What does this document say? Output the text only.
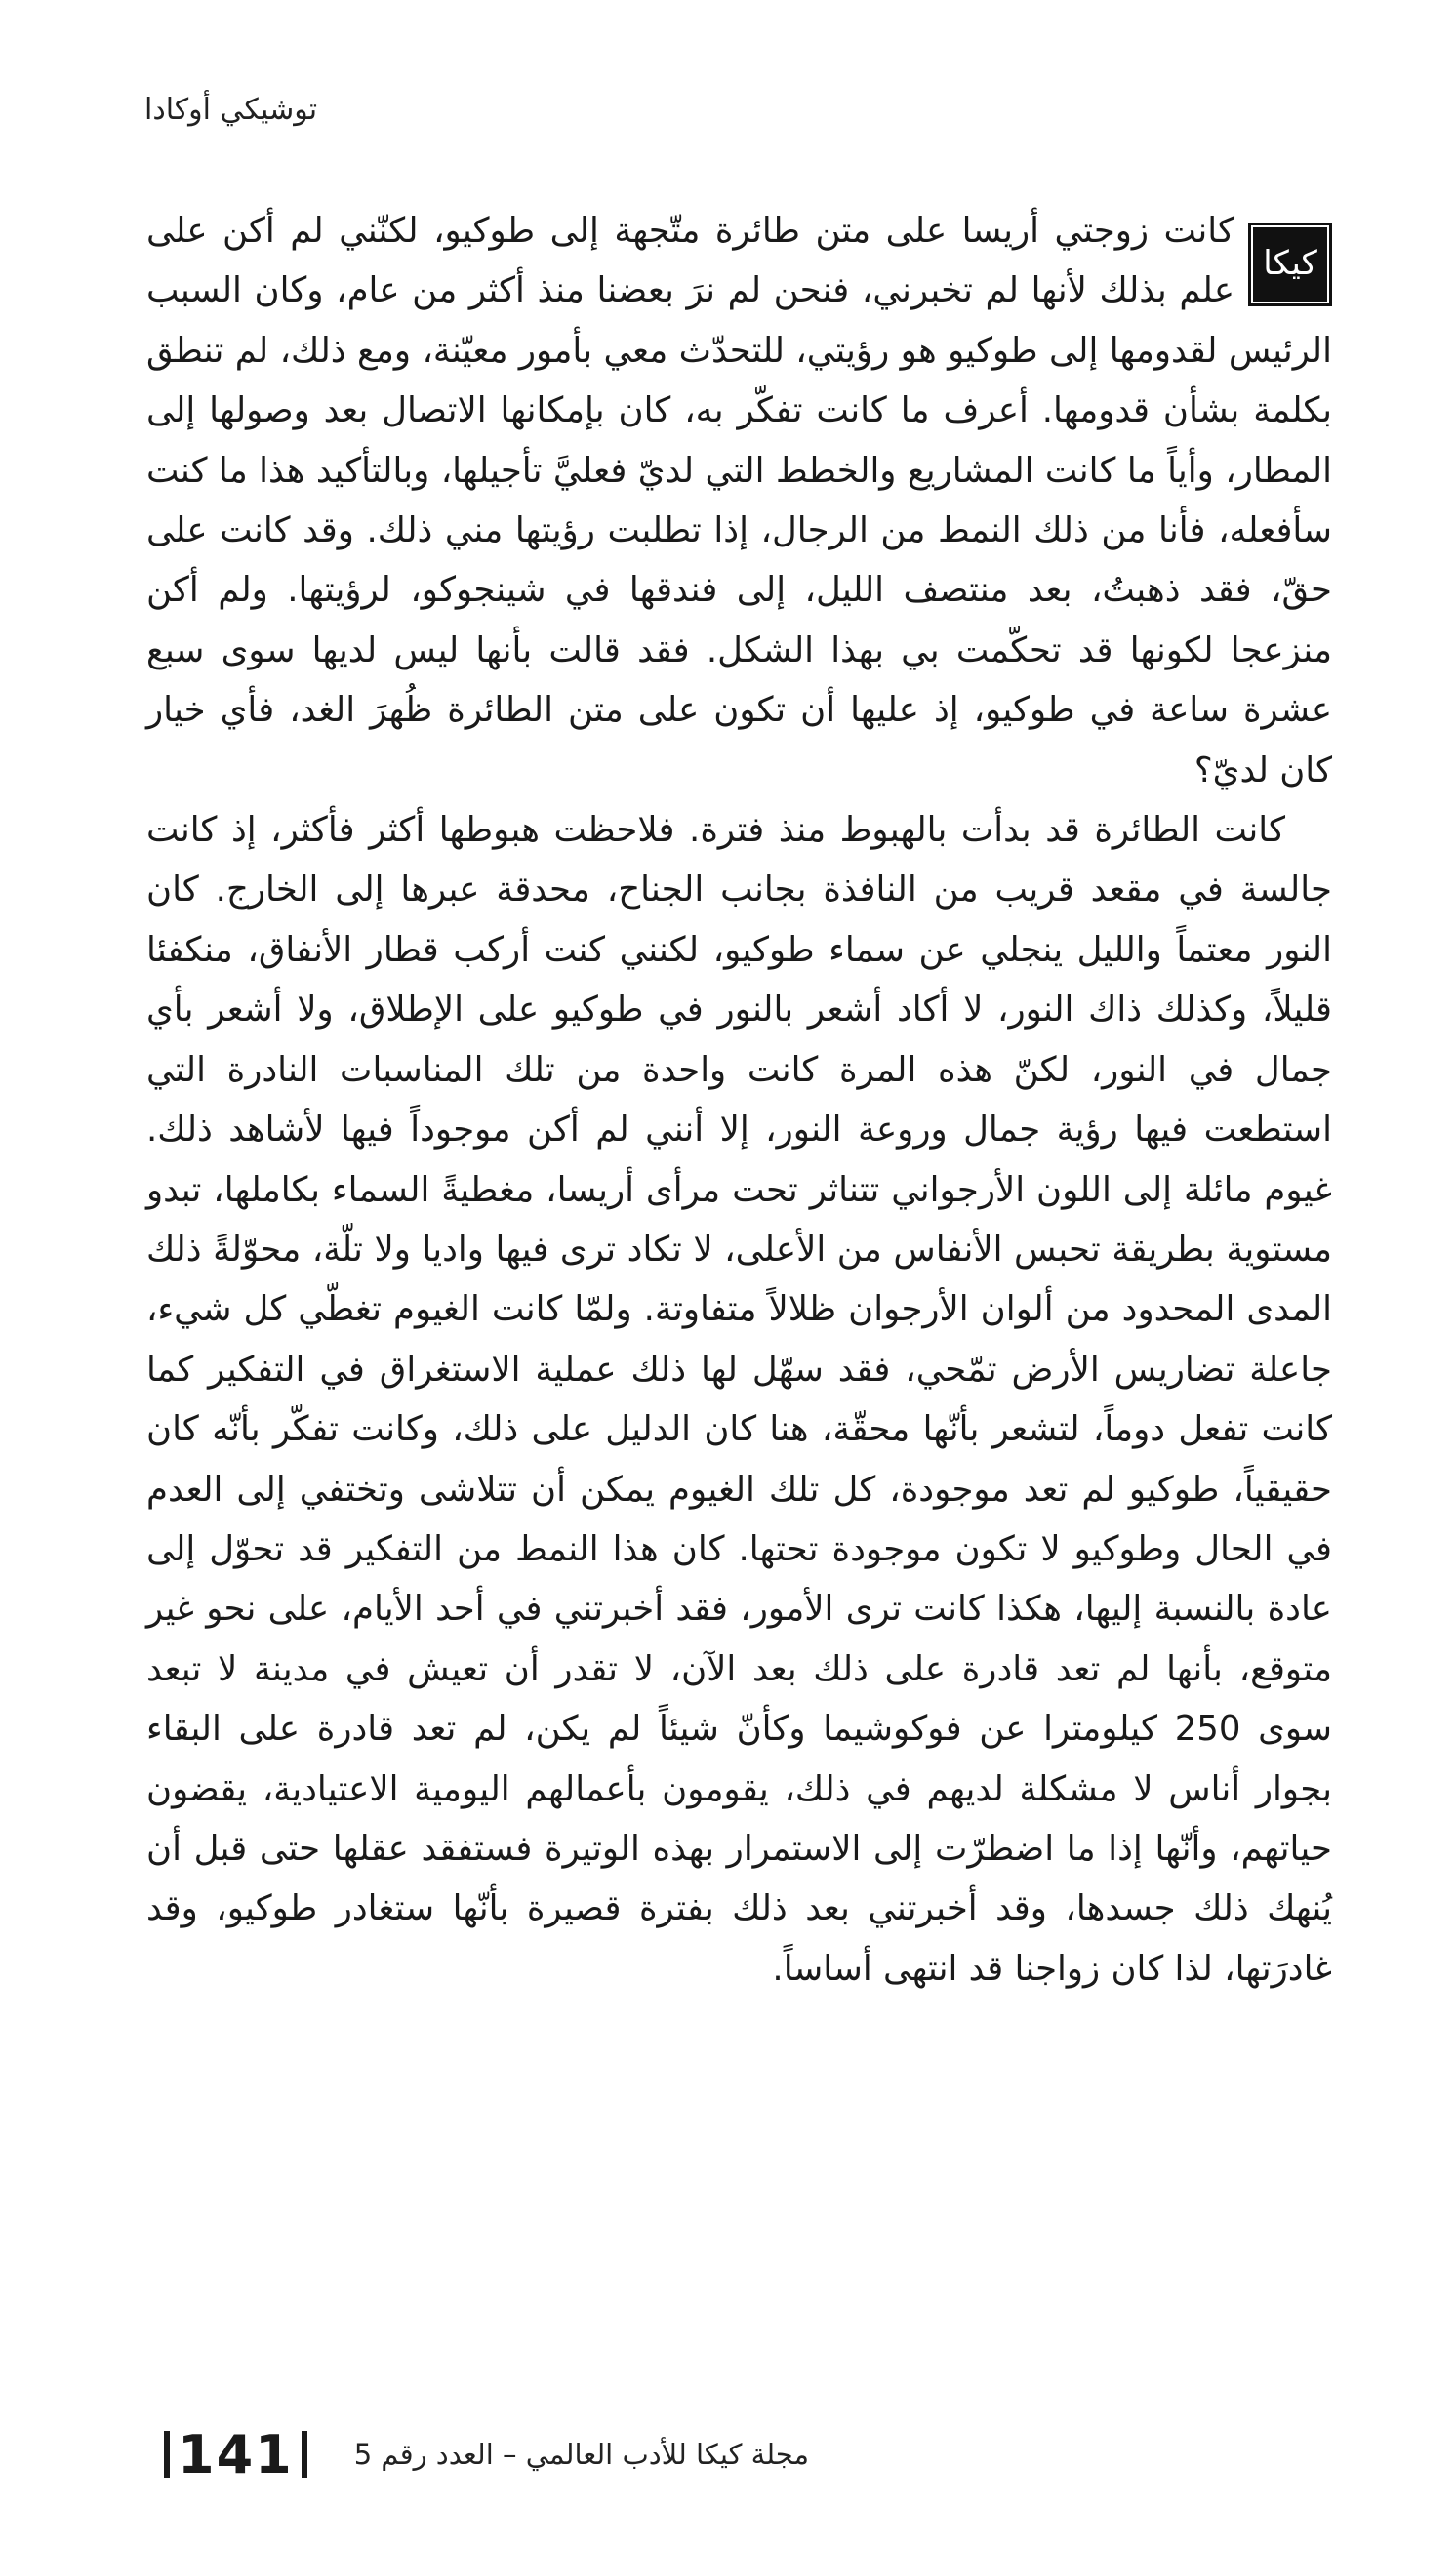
توشيكي أوكادا
كيكا

كانت زوجتي أريسا على متن طائرة متّجهة إلى طوكيو، لكنّني لم أكن على علم بذلك لأنها لم تخبرني، فنحن لم نرَ بعضنا منذ أكثر من عام، وكان السبب الرئيس لقدومها إلى طوكيو هو رؤيتي، للتحدّث معي بأمور معيّنة، ومع ذلك، لم تنطق بكلمة بشأن قدومها. أعرف ما كانت تفكّر به، كان بإمكانها الاتصال بعد وصولها إلى المطار، وأياً ما كانت المشاريع والخطط التي لديّ فعليَّ تأجيلها، وبالتأكيد هذا ما كنت سأفعله، فأنا من ذلك النمط من الرجال، إذا تطلبت رؤيتها مني ذلك. وقد كانت على حقّ، فقد ذهبتُ، بعد منتصف الليل، إلى فندقها في شينجوكو، لرؤيتها. ولم أكن منزعجا لكونها قد تحكّمت بي بهذا الشكل. فقد قالت بأنها ليس لديها سوى سبع عشرة ساعة في طوكيو، إذ عليها أن تكون على متن الطائرة ظُهرَ الغد، فأي خيار كان لديّ؟

كانت الطائرة قد بدأت بالهبوط منذ فترة. فلاحظت هبوطها أكثر فأكثر، إذ كانت جالسة في مقعد قريب من النافذة بجانب الجناح، محدقة عبرها إلى الخارج. كان النور معتماً والليل ينجلي عن سماء طوكيو، لكنني كنت أركب قطار الأنفاق، منكفئا قليلاً، وكذلك ذاك النور، لا أكاد أشعر بالنور في طوكيو على الإطلاق، ولا أشعر بأي جمال في النور، لكنّ هذه المرة كانت واحدة من تلك المناسبات النادرة التي استطعت فيها رؤية جمال وروعة النور، إلا أنني لم أكن موجوداً فيها لأشاهد ذلك. غيوم مائلة إلى اللون الأرجواني تتناثر تحت مرأى أريسا، مغطيةً السماء بكاملها، تبدو مستوية بطريقة تحبس الأنفاس من الأعلى، لا تكاد ترى فيها واديا ولا تلّة، محوّلةً ذلك المدى المحدود من ألوان الأرجوان ظلالاً متفاوتة. ولمّا كانت الغيوم تغطّي كل شيء، جاعلة تضاريس الأرض تمّحي، فقد سهّل لها ذلك عملية الاستغراق في التفكير كما كانت تفعل دوماً، لتشعر بأنّها محقّة، هنا كان الدليل على ذلك، وكانت تفكّر بأنّه كان حقيقياً، طوكيو لم تعد موجودة، كل تلك الغيوم يمكن أن تتلاشى وتختفي إلى العدم في الحال وطوكيو لا تكون موجودة تحتها. كان هذا النمط من التفكير قد تحوّل إلى عادة بالنسبة إليها، هكذا كانت ترى الأمور، فقد أخبرتني في أحد الأيام، على نحو غير متوقع، بأنها لم تعد قادرة على ذلك بعد الآن، لا تقدر أن تعيش في مدينة لا تبعد سوى 250 كيلومترا عن فوكوشيما وكأنّ شيئاً لم يكن، لم تعد قادرة على البقاء بجوار أناس لا مشكلة لديهم في ذلك، يقومون بأعمالهم اليومية الاعتيادية، يقضون حياتهم، وأنّها إذا ما اضطرّت إلى الاستمرار بهذه الوتيرة فستفقد عقلها حتى قبل أن يُنهك ذلك جسدها، وقد أخبرتني بعد ذلك بفترة قصيرة بأنّها ستغادر طوكيو، وقد غادرَتها، لذا كان زواجنا قد انتهى أساساً.

141 مجلة كيكا للأدب العالمي – العدد رقم 5
